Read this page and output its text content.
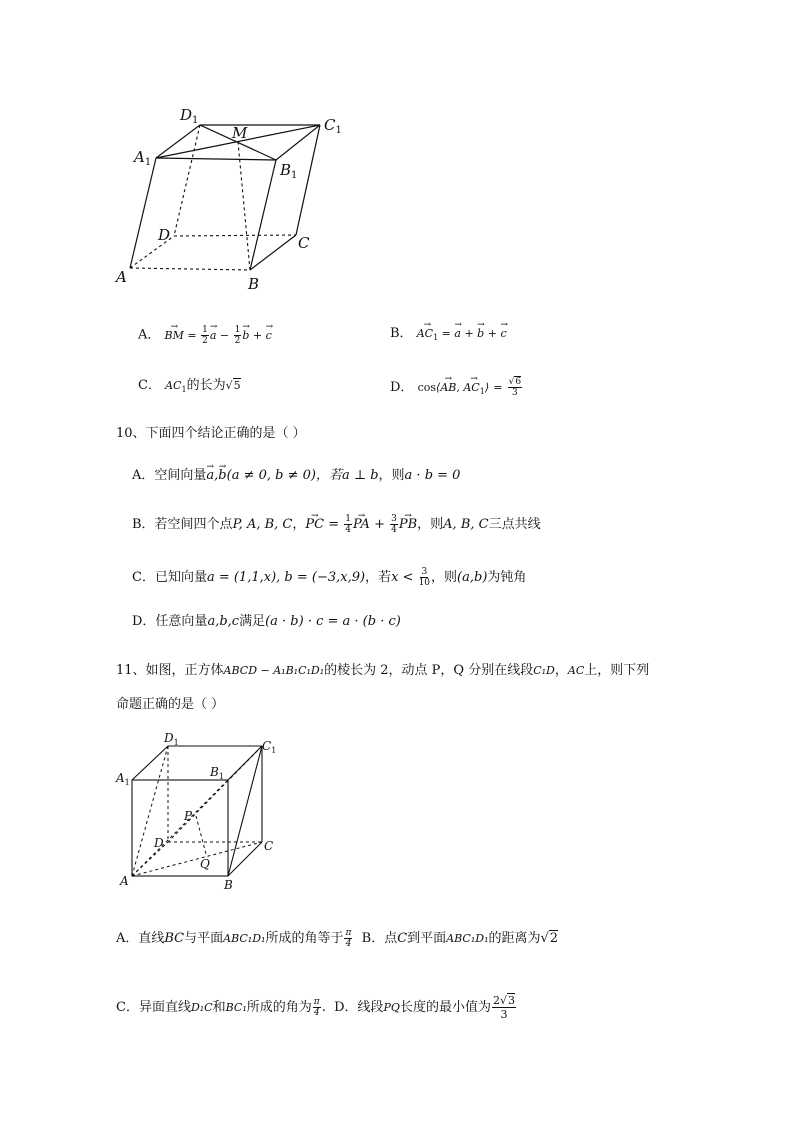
$D_1$
M	$C_1$
$A_1$	$B_1$
D	C
A	B
A． → BM = $\frac{1}{2}$
→ $a - \frac{1}{2}$
→ b + → c	B． → $AC_1$ = → a + → b + → c
C． $AC_1$的长为√5	D． cos⟨→ AB, → $AC_1⟩ = \frac{√6}{3}$
10、下面四个结论正确的是（ ）
A．空间向量→ a,→ b(a ≠ 0, b ≠ 0)，若a ⊥ b，则a · b = 0
B．若空间四个点P, A, B, C，→ PC = $\frac{1}{4}$
→ PA + $\frac{3}{4}$
→ PB，则A, B, C三点共线
C．已知向量a = (1,1,x), b = (−3,x,9)，若$x < \frac{3}{10}$ ，则(a,b)为钝角
D．任意向量a,b,c满足(a · b) · c = a · (b · c)
11、如图，正方体ABCD − A₁B₁C₁D₁的棱长为 2，动点 P，Q 分别在线段C₁D，AC上，则下列
命题正确的是（ ）
$D_1$	$C_1$
$A_1$
$B_1$
P
D	C
Q
A	B
A．直线BC与平面ABC₁D₁所成的角等于 $\frac{\pi}{4}$ B．点C到平面ABC₁D₁的距离为√2
C．异面直线D₁C和BC₁所成的角为 $\frac{\pi}{4}$ . D．线段PQ长度的最小值为 $\frac{2√3}{3}$
